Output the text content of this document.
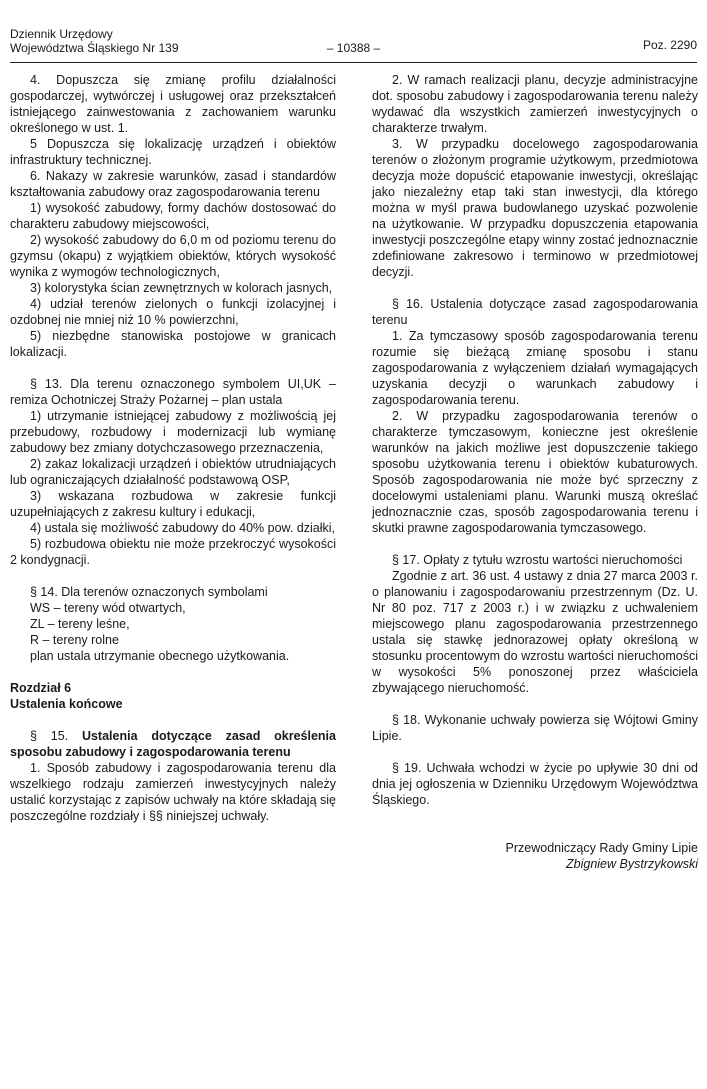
Dziennik Urzędowy
Województwa Śląskiego Nr 139	– 10388 –	Poz. 2290

4. Dopuszcza się zmianę profilu działalności gospodarczej, wytwórczej i usługowej oraz przekształceń istniejącego zainwestowania z zachowaniem warunku określonego w ust. 1.

5 Dopuszcza się lokalizację urządzeń i obiektów infrastruktury technicznej.

6. Nakazy w zakresie warunków, zasad i standardów kształtowania zabudowy oraz zagospodarowania terenu

1) wysokość zabudowy, formy dachów dostosować do charakteru zabudowy miejscowości,

2) wysokość zabudowy do 6,0 m od poziomu terenu do gzymsu (okapu) z wyjątkiem obiektów, których wysokość wynika z wymogów technologicznych,

3) kolorystyka ścian zewnętrznych w kolorach jasnych,

4) udział terenów zielonych o funkcji izolacyjnej i ozdobnej nie mniej niż 10 % powierzchni,

5) niezbędne stanowiska postojowe w granicach lokalizacji.

§ 13. Dla terenu oznaczonego symbolem UI,UK – remiza Ochotniczej Straży Pożarnej – plan ustala

1) utrzymanie istniejącej zabudowy z możliwością jej przebudowy, rozbudowy i modernizacji lub wymianę zabudowy bez zmiany dotychczasowego przeznaczenia,

2) zakaz lokalizacji urządzeń i obiektów utrudniających lub ograniczających działalność podstawową OSP,

3) wskazana rozbudowa w zakresie funkcji uzupełniających z zakresu kultury i edukacji,

4) ustala się możliwość zabudowy do 40% pow. działki,

5) rozbudowa obiektu nie może przekroczyć wysokości 2 kondygnacji.

§ 14. Dla terenów oznaczonych symbolami

WS – tereny wód otwartych,

ZL – tereny leśne,

R – tereny rolne

plan ustala utrzymanie obecnego użytkowania.

Rozdział 6

Ustalenia końcowe

§ 15. Ustalenia dotyczące zasad określenia sposobu zabudowy i zagospodarowania terenu

1. Sposób zabudowy i zagospodarowania terenu dla wszelkiego rodzaju zamierzeń inwestycyjnych należy ustalić korzystając z zapisów uchwały na które składają się poszczególne rozdziały i §§ niniejszej uchwały.

2. W ramach realizacji planu, decyzje administracyjne dot. sposobu zabudowy i zagospodarowania terenu należy wydawać dla wszystkich zamierzeń inwestycyjnych o charakterze trwałym.

3. W przypadku docelowego zagospodarowania terenów o złożonym programie użytkowym, przedmiotowa decyzja może dopuścić etapowanie inwestycji, określając jako niezależny etap taki stan inwestycji, dla którego można w myśl prawa budowlanego uzyskać pozwolenie na użytkowanie. W przypadku dopuszczenia etapowania inwestycji poszczególne etapy winny zostać jednoznacznie zdefiniowane zakresowo i terminowo w przedmiotowej decyzji.

§ 16. Ustalenia dotyczące zasad zagospodarowania terenu

1. Za tymczasowy sposób zagospodarowania terenu rozumie się bieżącą zmianę sposobu i stanu zagospodarowania z wyłączeniem działań wymagających uzyskania decyzji o warunkach zabudowy i zagospodarowania terenu.

2. W przypadku zagospodarowania terenów o charakterze tymczasowym, konieczne jest określenie warunków na jakich możliwe jest dopuszczenie takiego sposobu użytkowania terenu i obiektów kubaturowych. Sposób zagospodarowania nie może być sprzeczny z docelowymi ustaleniami planu. Warunki muszą określać jednoznacznie czas, sposób zagospodarowania terenu i skutki prawne zagospodarowania tymczasowego.

§ 17. Opłaty z tytułu wzrostu wartości nieruchomości

Zgodnie z art. 36 ust. 4 ustawy z dnia 27 marca 2003 r. o planowaniu i zagospodarowaniu przestrzennym (Dz. U. Nr 80 poz. 717 z 2003 r.) i w związku z uchwaleniem miejscowego planu zagospodarowania przestrzennego ustala się stawkę jednorazowej opłaty określoną w stosunku procentowym do wzrostu wartości nieruchomości w wysokości 5% ponoszonej przez właściciela zbywającego nieruchomość.

§ 18. Wykonanie uchwały powierza się Wójtowi Gminy Lipie.

§ 19. Uchwała wchodzi w życie po upływie 30 dni od dnia jej ogłoszenia w Dzienniku Urzędowym Województwa Śląskiego.

Przewodniczący Rady Gminy Lipie

Zbigniew Bystrzykowski
